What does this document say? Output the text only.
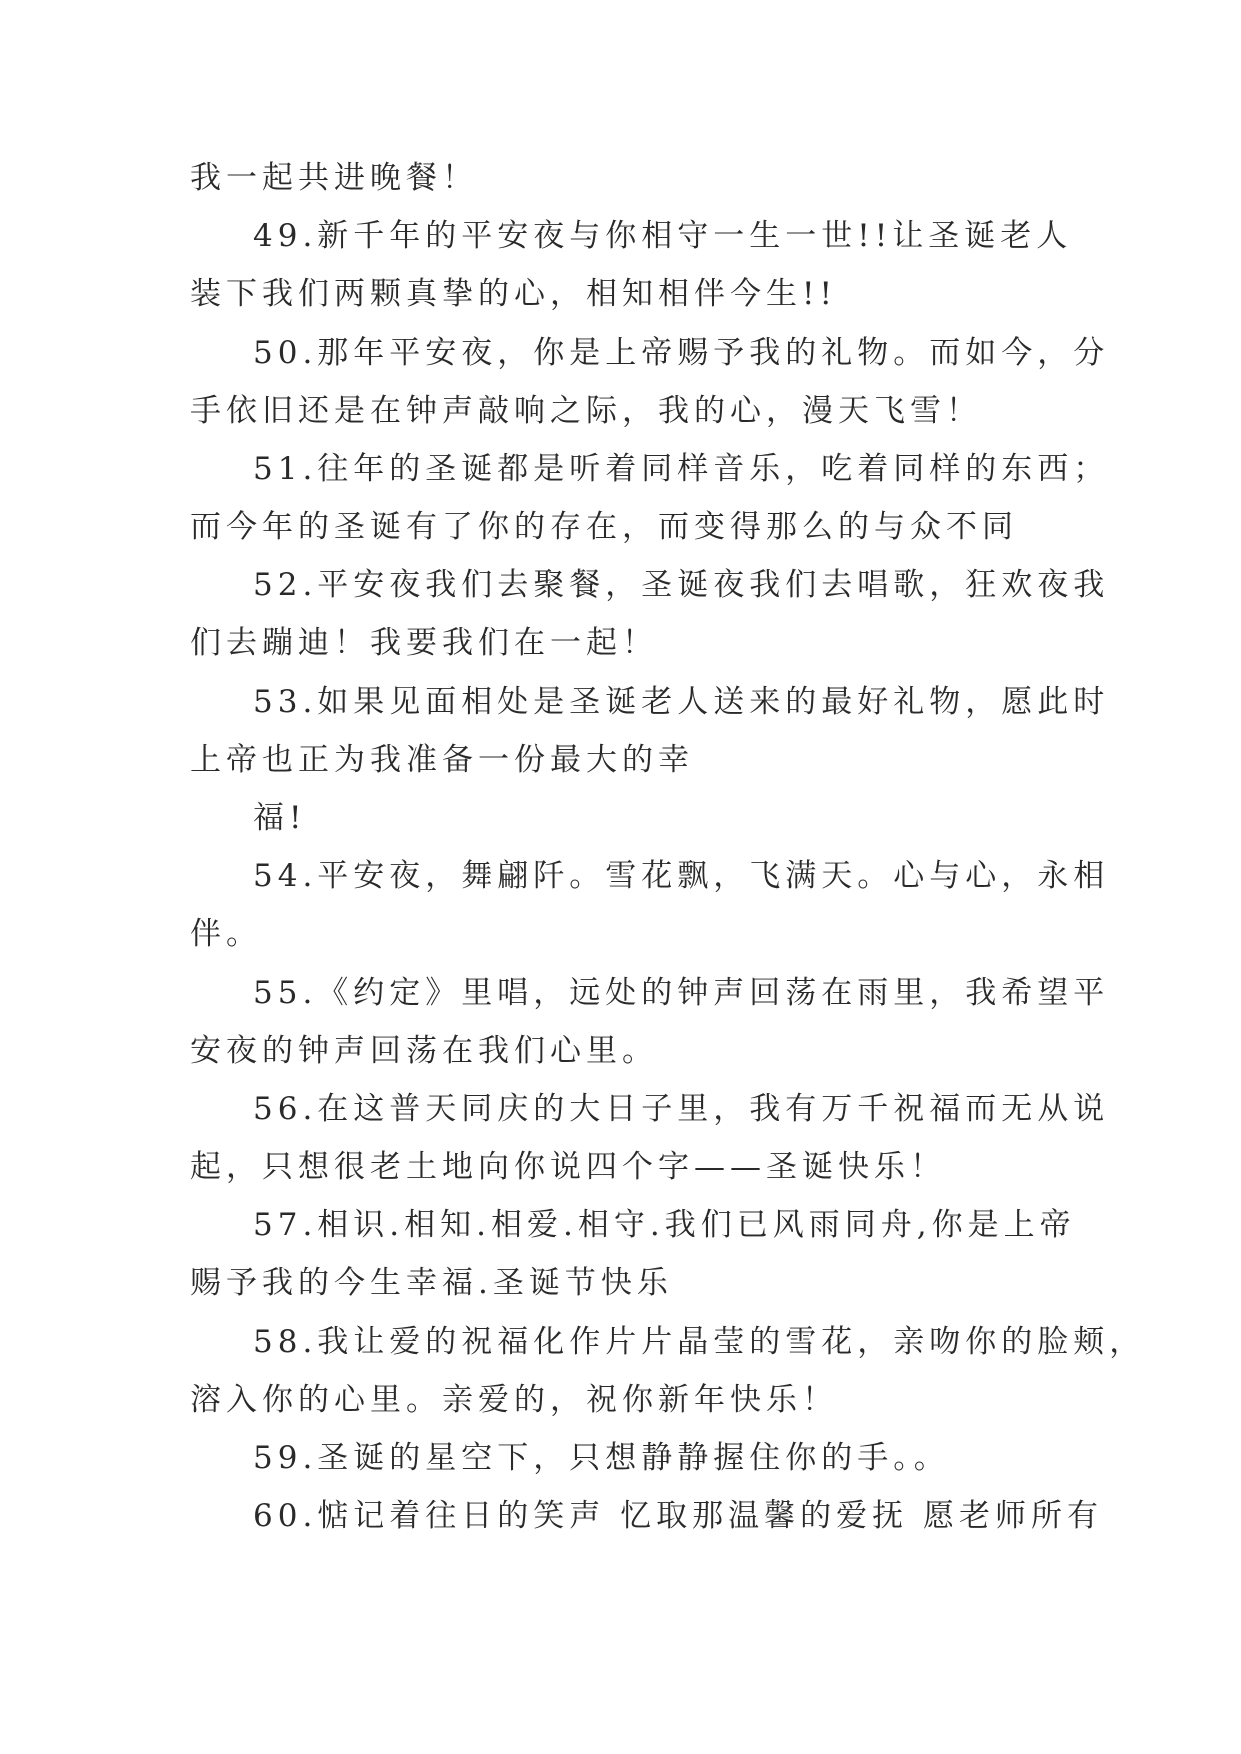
我一起共进晚餐！
49.新千年的平安夜与你相守一生一世!!让圣诞老人
装下我们两颗真挚的心，相知相伴今生!!
50.那年平安夜，你是上帝赐予我的礼物。而如今，分
手依旧还是在钟声敲响之际，我的心，漫天飞雪！
51.往年的圣诞都是听着同样音乐，吃着同样的东西；
而今年的圣诞有了你的存在，而变得那么的与众不同
52.平安夜我们去聚餐，圣诞夜我们去唱歌，狂欢夜我
们去蹦迪！我要我们在一起！
53.如果见面相处是圣诞老人送来的最好礼物，愿此时
上帝也正为我准备一份最大的幸
福!
54.平安夜，舞翩阡。雪花飘，飞满天。心与心，永相
伴。
55.《约定》里唱，远处的钟声回荡在雨里，我希望平
安夜的钟声回荡在我们心里。
56.在这普天同庆的大日子里，我有万千祝福而无从说
起，只想很老土地向你说四个字——圣诞快乐！
57.相识.相知.相爱.相守.我们已风雨同舟,你是上帝
赐予我的今生幸福.圣诞节快乐
58.我让爱的祝福化作片片晶莹的雪花，亲吻你的脸颊，
溶入你的心里。亲爱的，祝你新年快乐！
59.圣诞的星空下，只想静静握住你的手。。
60.惦记着往日的笑声 忆取那温馨的爱抚 愿老师所有
